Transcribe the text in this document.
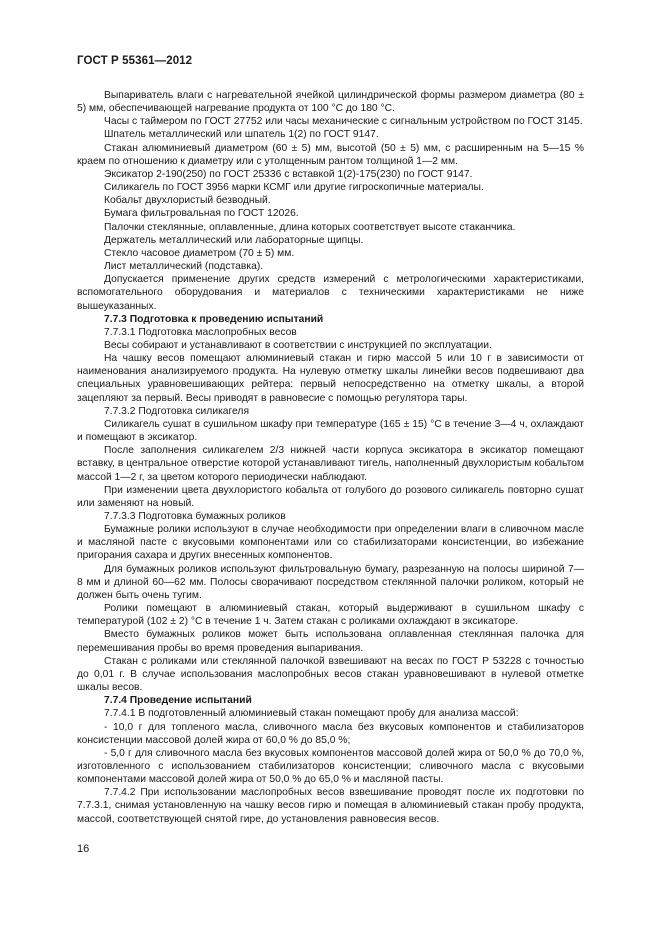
ГОСТ Р 55361—2012

Выпариватель влаги с нагревательной ячейкой цилиндрической формы размером диаметра (80 ± 5) мм, обеспечивающей нагревание продукта от 100 °С до 180 °С.

Часы с таймером по ГОСТ 27752 или часы механические с сигнальным устройством по ГОСТ 3145.

Шпатель металлический или шпатель 1(2) по ГОСТ 9147.

Стакан алюминиевый диаметром (60 ± 5) мм, высотой (50 ± 5) мм, с расширенным на 5—15 % краем по отношению к диаметру или с утолщенным рантом толщиной 1—2 мм.

Эксикатор 2-190(250) по ГОСТ 25336 с вставкой 1(2)-175(230) по ГОСТ 9147.

Силикагель по ГОСТ 3956 марки КСМГ или другие гигроскопичные материалы.

Кобальт двухлористый безводный.

Бумага фильтровальная по ГОСТ 12026.

Палочки стеклянные, оплавленные, длина которых соответствует высоте стаканчика.

Держатель металлический или лабораторные щипцы.

Стекло часовое диаметром (70 ± 5) мм.

Лист металлический (подставка).

Допускается применение других средств измерений с метрологическими характеристиками, вспомогательного оборудования и материалов с техническими характеристиками не ниже вышеуказанных.

7.7.3 Подготовка к проведению испытаний

7.7.3.1 Подготовка маслопробных весов

Весы собирают и устанавливают в соответствии с инструкцией по эксплуатации.

На чашку весов помещают алюминиевый стакан и гирю массой 5 или 10 г в зависимости от наименования анализируемого продукта. На нулевую отметку шкалы линейки весов подвешивают два специальных уравновешивающих рейтера: первый непосредственно на отметку шкалы, а второй зацепляют за первый. Весы приводят в равновесие с помощью регулятора тары.

7.7.3.2 Подготовка силикагеля

Силикагель сушат в сушильном шкафу при температуре (165 ± 15) °С в течение 3—4 ч, охлаждают и помещают в эксикатор.

После заполнения силикагелем 2/3 нижней части корпуса эксикатора в эксикатор помещают вставку, в центральное отверстие которой устанавливают тигель, наполненный двухлористым кобальтом массой 1—2 г, за цветом которого периодически наблюдают.

При изменении цвета двухлористого кобальта от голубого до розового силикагель повторно сушат или заменяют на новый.

7.7.3.3 Подготовка бумажных роликов

Бумажные ролики используют в случае необходимости при определении влаги в сливочном масле и масляной пасте с вкусовыми компонентами или со стабилизаторами консистенции, во избежание пригорания сахара и других внесенных компонентов.

Для бумажных роликов используют фильтровальную бумагу, разрезанную на полосы шириной 7— 8 мм и длиной 60—62 мм. Полосы сворачивают посредством стеклянной палочки роликом, который не должен быть очень тугим.

Ролики помещают в алюминиевый стакан, который выдерживают в сушильном шкафу с температурой (102 ± 2) °С в течение 1 ч. Затем стакан с роликами охлаждают в эксикаторе.

Вместо бумажных роликов может быть использована оплавленная стеклянная палочка для перемешивания пробы во время проведения выпаривания.

Стакан с роликами или стеклянной палочкой взвешивают на весах по ГОСТ Р 53228 с точностью до 0,01 г. В случае использования маслопробных весов стакан уравновешивают в нулевой отметке шкалы весов.

7.7.4 Проведение испытаний

7.7.4.1 В подготовленный алюминиевый стакан помещают пробу для анализа массой:

- 10,0 г для топленого масла, сливочного масла без вкусовых компонентов и стабилизаторов консистенции массовой долей жира от 60,0 % до 85,0 %;

- 5,0 г для сливочного масла без вкусовых компонентов массовой долей жира от 50,0 % до 70,0 %, изготовленного с использованием стабилизаторов консистенции; сливочного масла с вкусовыми компонентами массовой долей жира от 50,0 % до 65,0 % и масляной пасты.

7.7.4.2 При использовании маслопробных весов взвешивание проводят после их подготовки по 7.7.3.1, снимая установленную на чашку весов гирю и помещая в алюминиевый стакан пробу продукта, массой, соответствующей снятой гире, до установления равновесия весов.

16
